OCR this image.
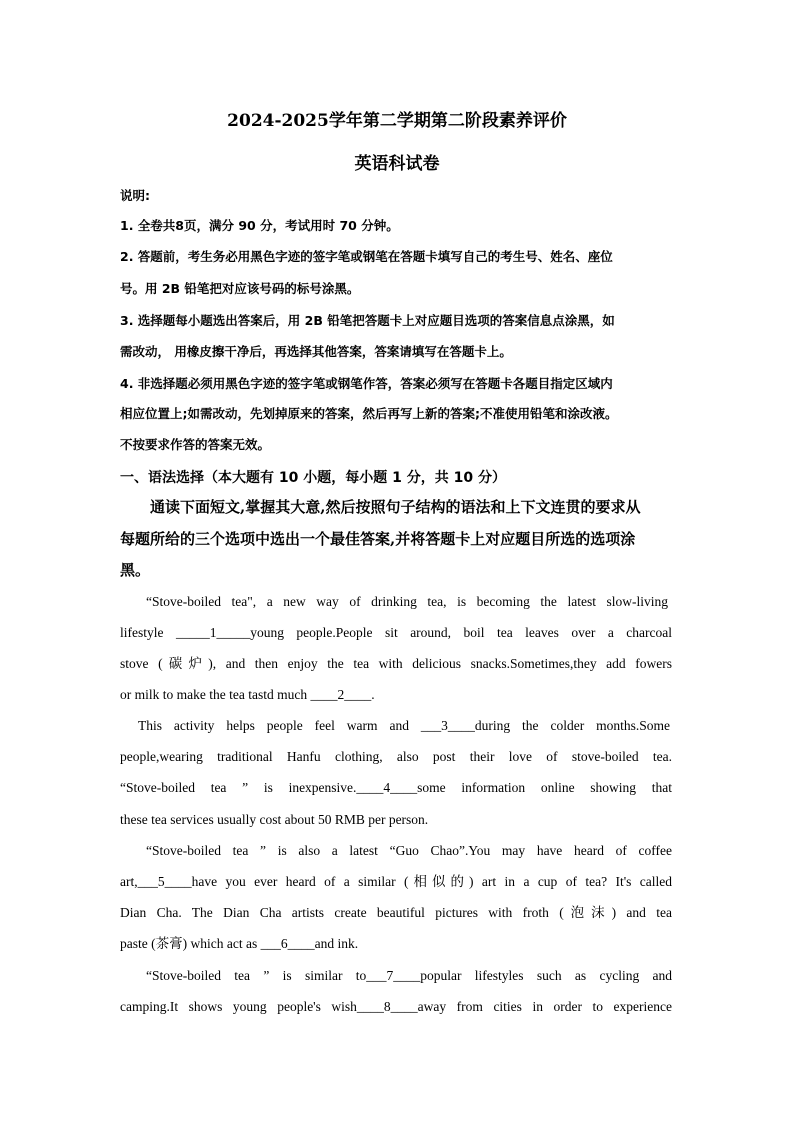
2024-2025学年第二学期第二阶段素养评价
英语科试卷
说明:
1. 全卷共8页，满分 90 分，考试用时 70 分钟。
2. 答题前，考生务必用黑色字迹的签字笔或钢笔在答题卡填写自己的考生号、姓名、座位
号。用 2B 铅笔把对应该号码的标号涂黑。
3. 选择题每小题选出答案后，用 2B 铅笔把答题卡上对应题目选项的答案信息点涂黑，如
需改动， 用橡皮擦干净后，再选择其他答案，答案请填写在答题卡上。
4. 非选择题必须用黑色字迹的签字笔或钢笔作答，答案必须写在答题卡各题目指定区域内
相应位置上;如需改动，先划掉原来的答案，然后再写上新的答案;不准使用铅笔和涂改液。
不按要求作答的答案无效。
一、语法选择（本大题有 10 小题，每小题 1 分，共 10 分）
通读下面短文,掌握其大意,然后按照句子结构的语法和上下文连贯的要求从
每题所给的三个选项中选出一个最佳答案,并将答题卡上对应题目所选的选项涂
黑。
“Stove-boiled tea", a new way of drinking tea, is becoming the latest slow-living
lifestyle _____1_____young people.People sit around, boil tea leaves over a charcoal
stove (碳炉), and then enjoy the tea with delicious snacks.Sometimes,they add fowers
or milk to make the tea tastd much ____2____.
This activity helps people feel warm and ___3____during the colder months.Some
people,wearing traditional Hanfu clothing, also post their love of stove-boiled tea.
“Stove-boiled tea ” is inexpensive.____4____some information online showing that
these tea services usually cost about 50 RMB per person.
“Stove-boiled tea ” is also a latest “Guo Chao”.You may have heard of coffee
art,___5____have you ever heard of a similar (相似的) art in a cup of tea? It's called
Dian Cha. The Dian Cha artists create beautiful pictures with froth (泡沫) and tea
paste (茶膏) which act as ___6____and ink.
“Stove-boiled tea ” is similar to___7____popular lifestyles such as cycling and
camping.It shows young people's wish____8____away from cities in order to experience
